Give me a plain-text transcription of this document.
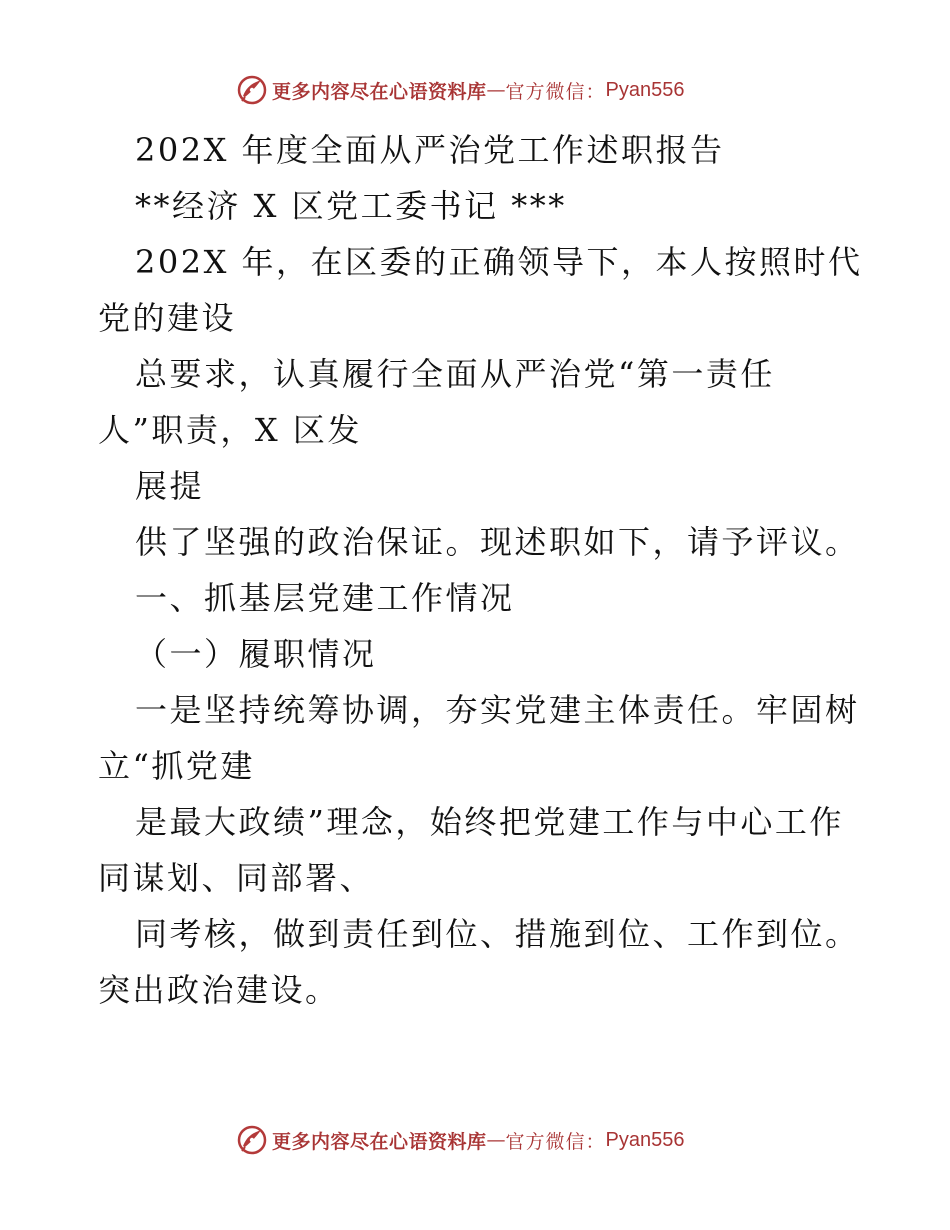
更多内容尽在心语资料库 — 官方微信： Pyan556
202X 年度全面从严治党工作述职报告
**经济 X 区党工委书记 ***
202X 年，在区委的正确领导下，本人按照时代
党的建设
总要求，认真履行全面从严治党“第一责任
人”职责，X 区发
展提
供了坚强的政治保证。现述职如下，请予评议。
一、抓基层党建工作情况
（一）履职情况
一是坚持统筹协调，夯实党建主体责任。牢固树
立“抓党建
是最大政绩”理念，始终把党建工作与中心工作
同谋划、同部署、
同考核，做到责任到位、措施到位、工作到位。
突出政治建设。
更多内容尽在心语资料库 — 官方微信： Pyan556
